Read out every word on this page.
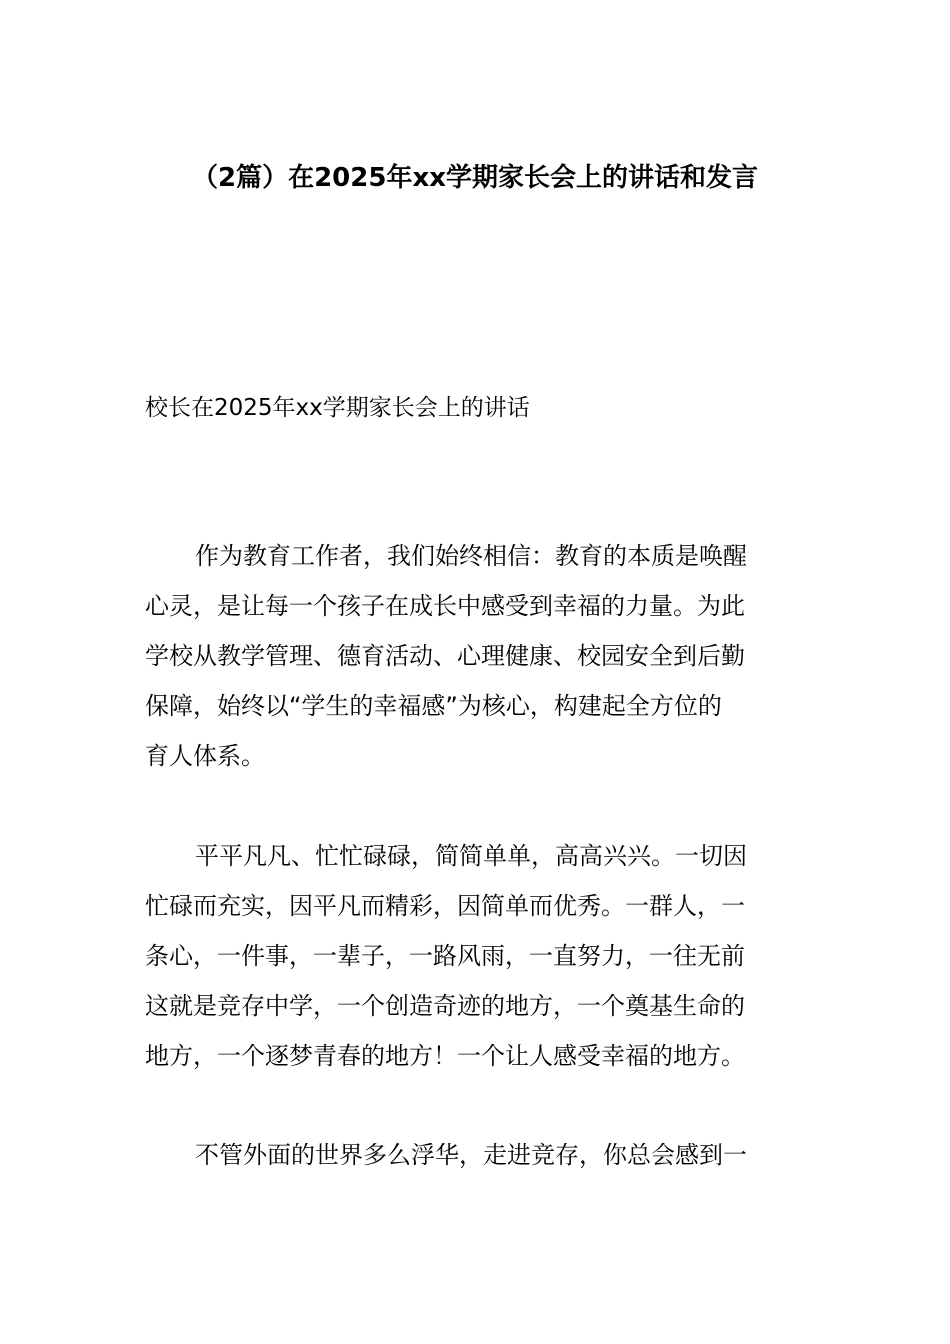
（2篇）在2025年xx学期家长会上的讲话和发言
校长在2025年xx学期家长会上的讲话
作为教育工作者，我们始终相信：教育的本质是唤醒
心灵，是让每一个孩子在成长中感受到幸福的力量。为此
学校从教学管理、德育活动、心理健康、校园安全到后勤
保障，始终以“学生的幸福感”为核心，构建起全方位的
育人体系。
平平凡凡、忙忙碌碌，简简单单，高高兴兴。一切因
忙碌而充实，因平凡而精彩，因简单而优秀。一群人，一
条心，一件事，一辈子，一路风雨，一直努力，一往无前
这就是竞存中学，一个创造奇迹的地方，一个奠基生命的
地方，一个逐梦青春的地方！一个让人感受幸福的地方。
不管外面的世界多么浮华，走进竞存，你总会感到一
